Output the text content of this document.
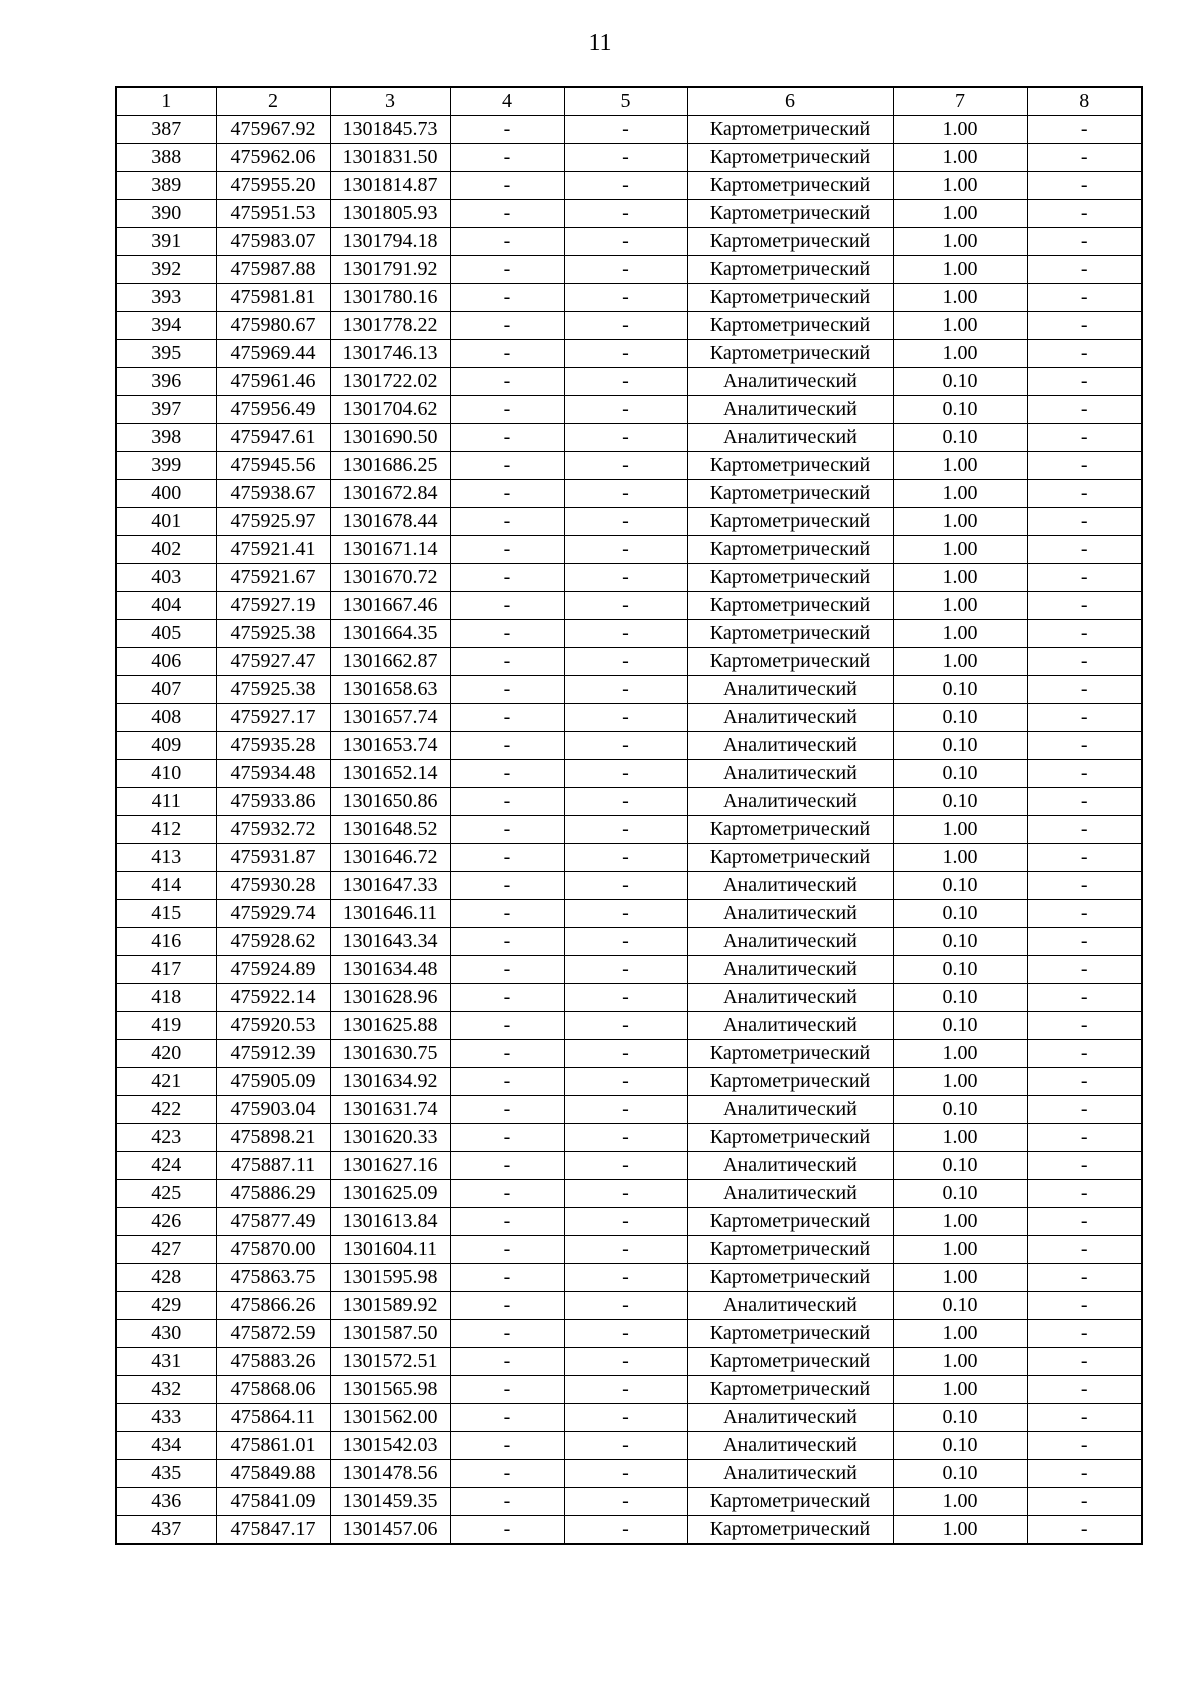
11
1	2	3	4	5	6	7	8
387	475967.92	1301845.73	-	-	Картометрический	1.00	-
388	475962.06	1301831.50	-	-	Картометрический	1.00	-
389	475955.20	1301814.87	-	-	Картометрический	1.00	-
390	475951.53	1301805.93	-	-	Картометрический	1.00	-
391	475983.07	1301794.18	-	-	Картометрический	1.00	-
392	475987.88	1301791.92	-	-	Картометрический	1.00	-
393	475981.81	1301780.16	-	-	Картометрический	1.00	-
394	475980.67	1301778.22	-	-	Картометрический	1.00	-
395	475969.44	1301746.13	-	-	Картометрический	1.00	-
396	475961.46	1301722.02	-	-	Аналитический	0.10	-
397	475956.49	1301704.62	-	-	Аналитический	0.10	-
398	475947.61	1301690.50	-	-	Аналитический	0.10	-
399	475945.56	1301686.25	-	-	Картометрический	1.00	-
400	475938.67	1301672.84	-	-	Картометрический	1.00	-
401	475925.97	1301678.44	-	-	Картометрический	1.00	-
402	475921.41	1301671.14	-	-	Картометрический	1.00	-
403	475921.67	1301670.72	-	-	Картометрический	1.00	-
404	475927.19	1301667.46	-	-	Картометрический	1.00	-
405	475925.38	1301664.35	-	-	Картометрический	1.00	-
406	475927.47	1301662.87	-	-	Картометрический	1.00	-
407	475925.38	1301658.63	-	-	Аналитический	0.10	-
408	475927.17	1301657.74	-	-	Аналитический	0.10	-
409	475935.28	1301653.74	-	-	Аналитический	0.10	-
410	475934.48	1301652.14	-	-	Аналитический	0.10	-
411	475933.86	1301650.86	-	-	Аналитический	0.10	-
412	475932.72	1301648.52	-	-	Картометрический	1.00	-
413	475931.87	1301646.72	-	-	Картометрический	1.00	-
414	475930.28	1301647.33	-	-	Аналитический	0.10	-
415	475929.74	1301646.11	-	-	Аналитический	0.10	-
416	475928.62	1301643.34	-	-	Аналитический	0.10	-
417	475924.89	1301634.48	-	-	Аналитический	0.10	-
418	475922.14	1301628.96	-	-	Аналитический	0.10	-
419	475920.53	1301625.88	-	-	Аналитический	0.10	-
420	475912.39	1301630.75	-	-	Картометрический	1.00	-
421	475905.09	1301634.92	-	-	Картометрический	1.00	-
422	475903.04	1301631.74	-	-	Аналитический	0.10	-
423	475898.21	1301620.33	-	-	Картометрический	1.00	-
424	475887.11	1301627.16	-	-	Аналитический	0.10	-
425	475886.29	1301625.09	-	-	Аналитический	0.10	-
426	475877.49	1301613.84	-	-	Картометрический	1.00	-
427	475870.00	1301604.11	-	-	Картометрический	1.00	-
428	475863.75	1301595.98	-	-	Картометрический	1.00	-
429	475866.26	1301589.92	-	-	Аналитический	0.10	-
430	475872.59	1301587.50	-	-	Картометрический	1.00	-
431	475883.26	1301572.51	-	-	Картометрический	1.00	-
432	475868.06	1301565.98	-	-	Картометрический	1.00	-
433	475864.11	1301562.00	-	-	Аналитический	0.10	-
434	475861.01	1301542.03	-	-	Аналитический	0.10	-
435	475849.88	1301478.56	-	-	Аналитический	0.10	-
436	475841.09	1301459.35	-	-	Картометрический	1.00	-
437	475847.17	1301457.06	-	-	Картометрический	1.00	-
